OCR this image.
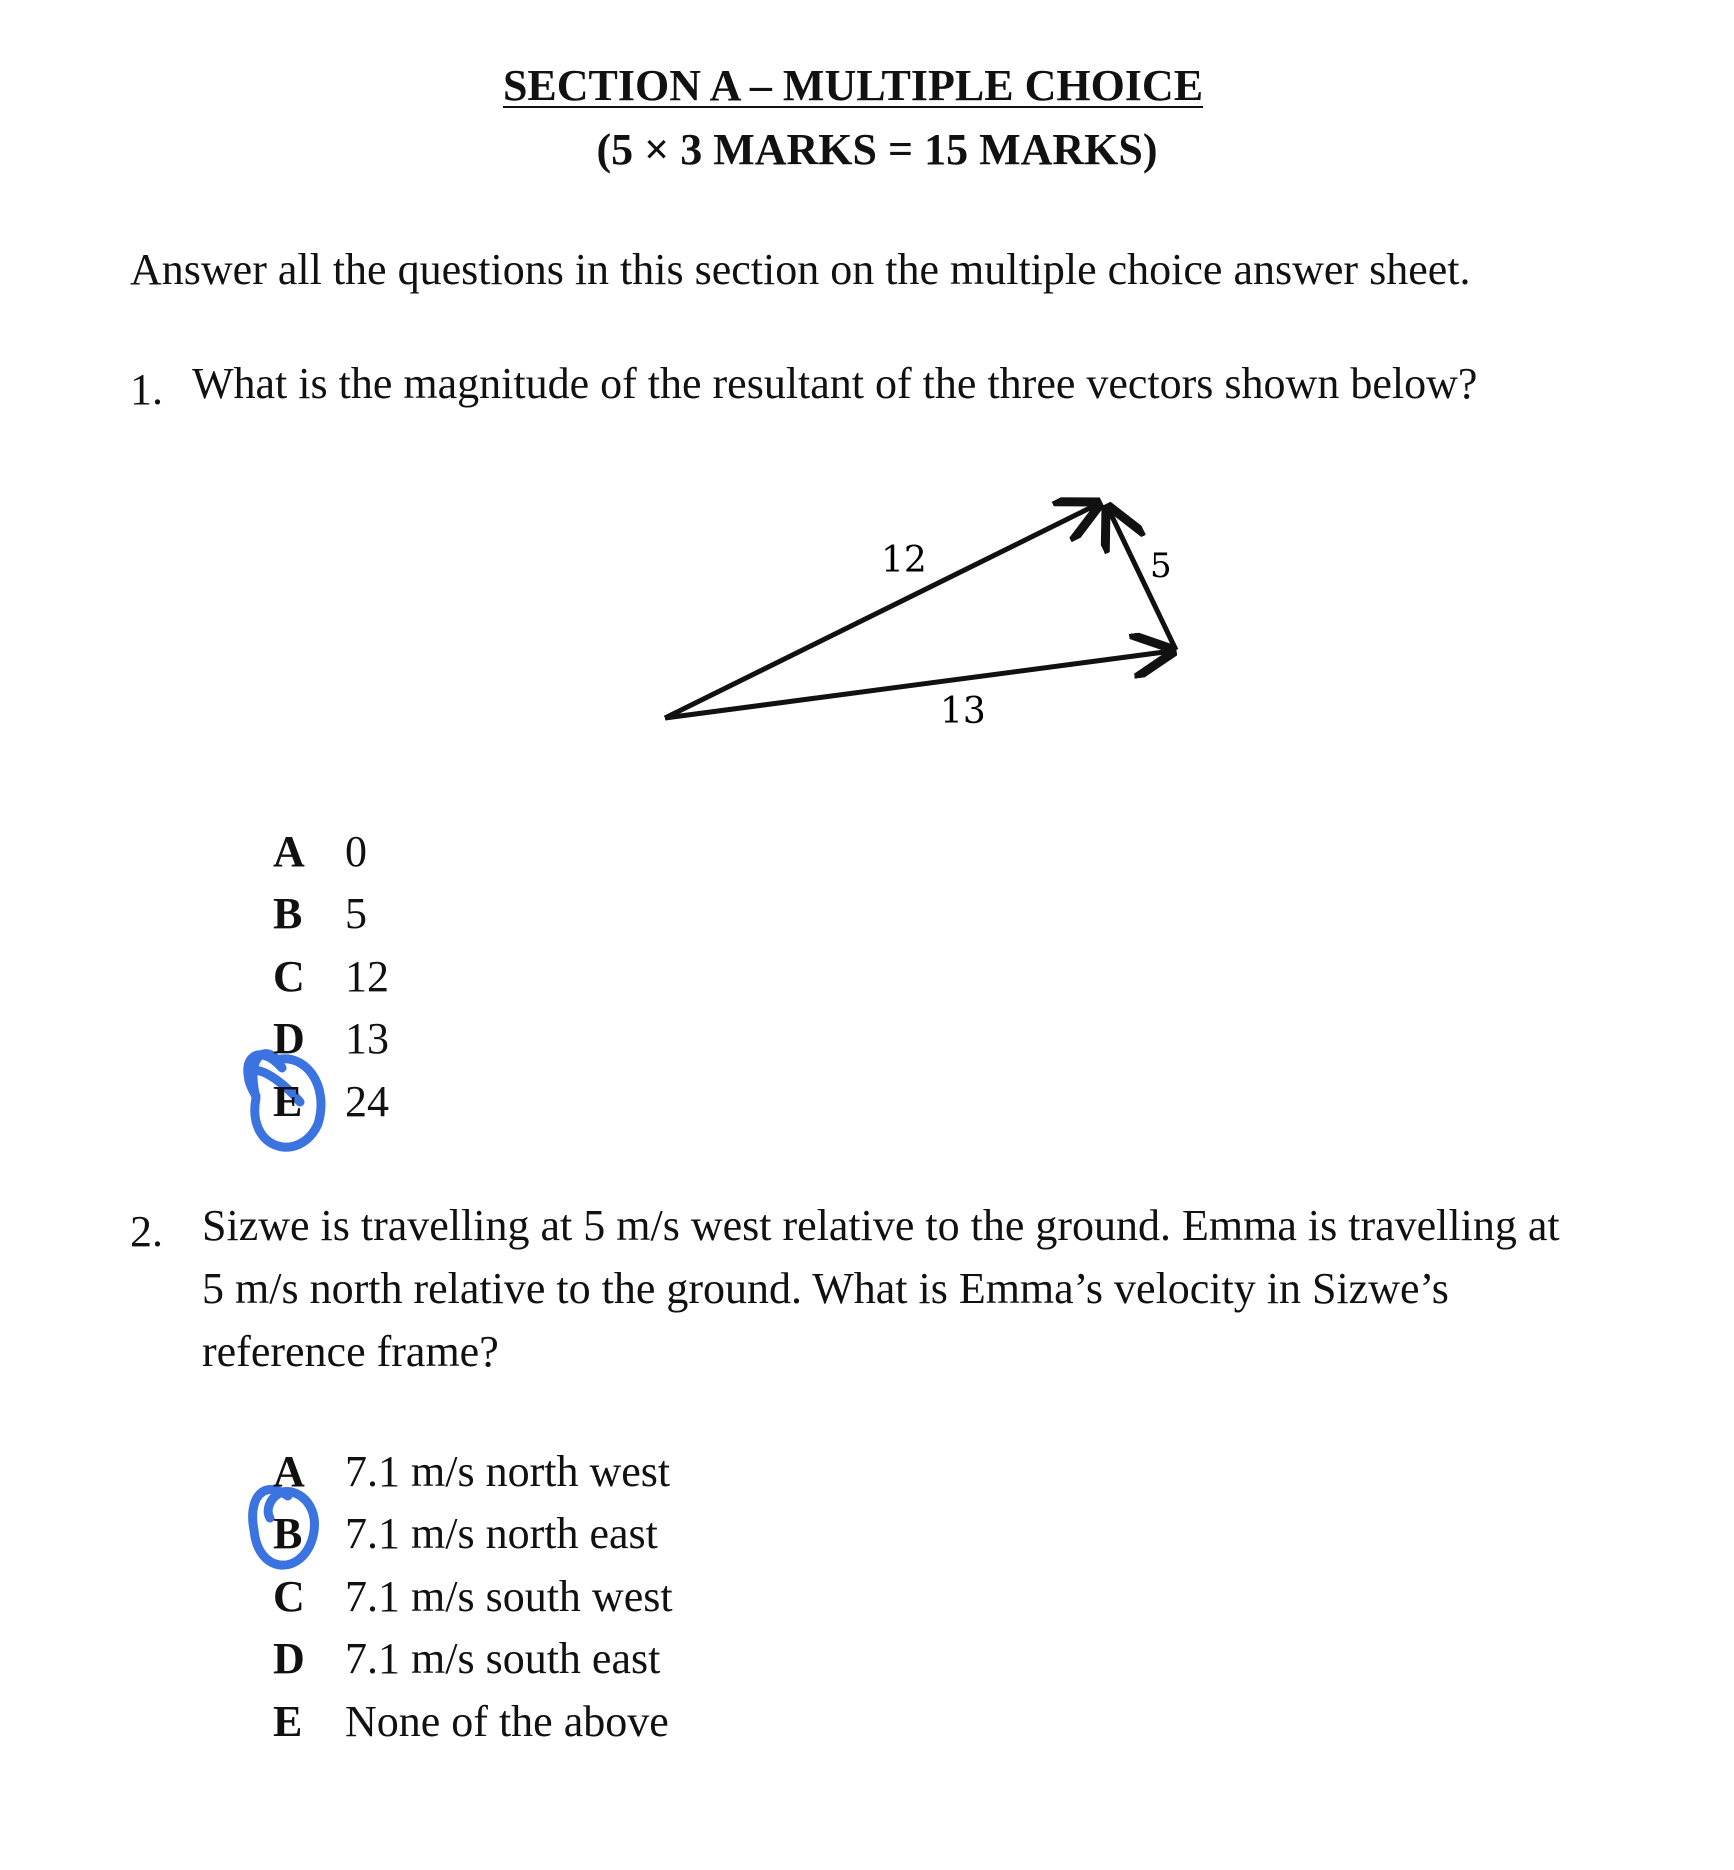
SECTION A – MULTIPLE CHOICE
(5 × 3 MARKS = 15 MARKS)
Answer all the questions in this section on the multiple choice answer sheet.
1. What is the magnitude of the resultant of the three vectors shown below?
12	5
13
A 0
B 5
C 12
D 13
E 24
2. Sizwe is travelling at 5 m/s west relative to the ground. Emma is travelling at
5 m/s north relative to the ground. What is Emma’s velocity in Sizwe’s
reference frame?
A 7.1 m/s north west
B 7.1 m/s north east
C 7.1 m/s south west
D 7.1 m/s south east
E None of the above
